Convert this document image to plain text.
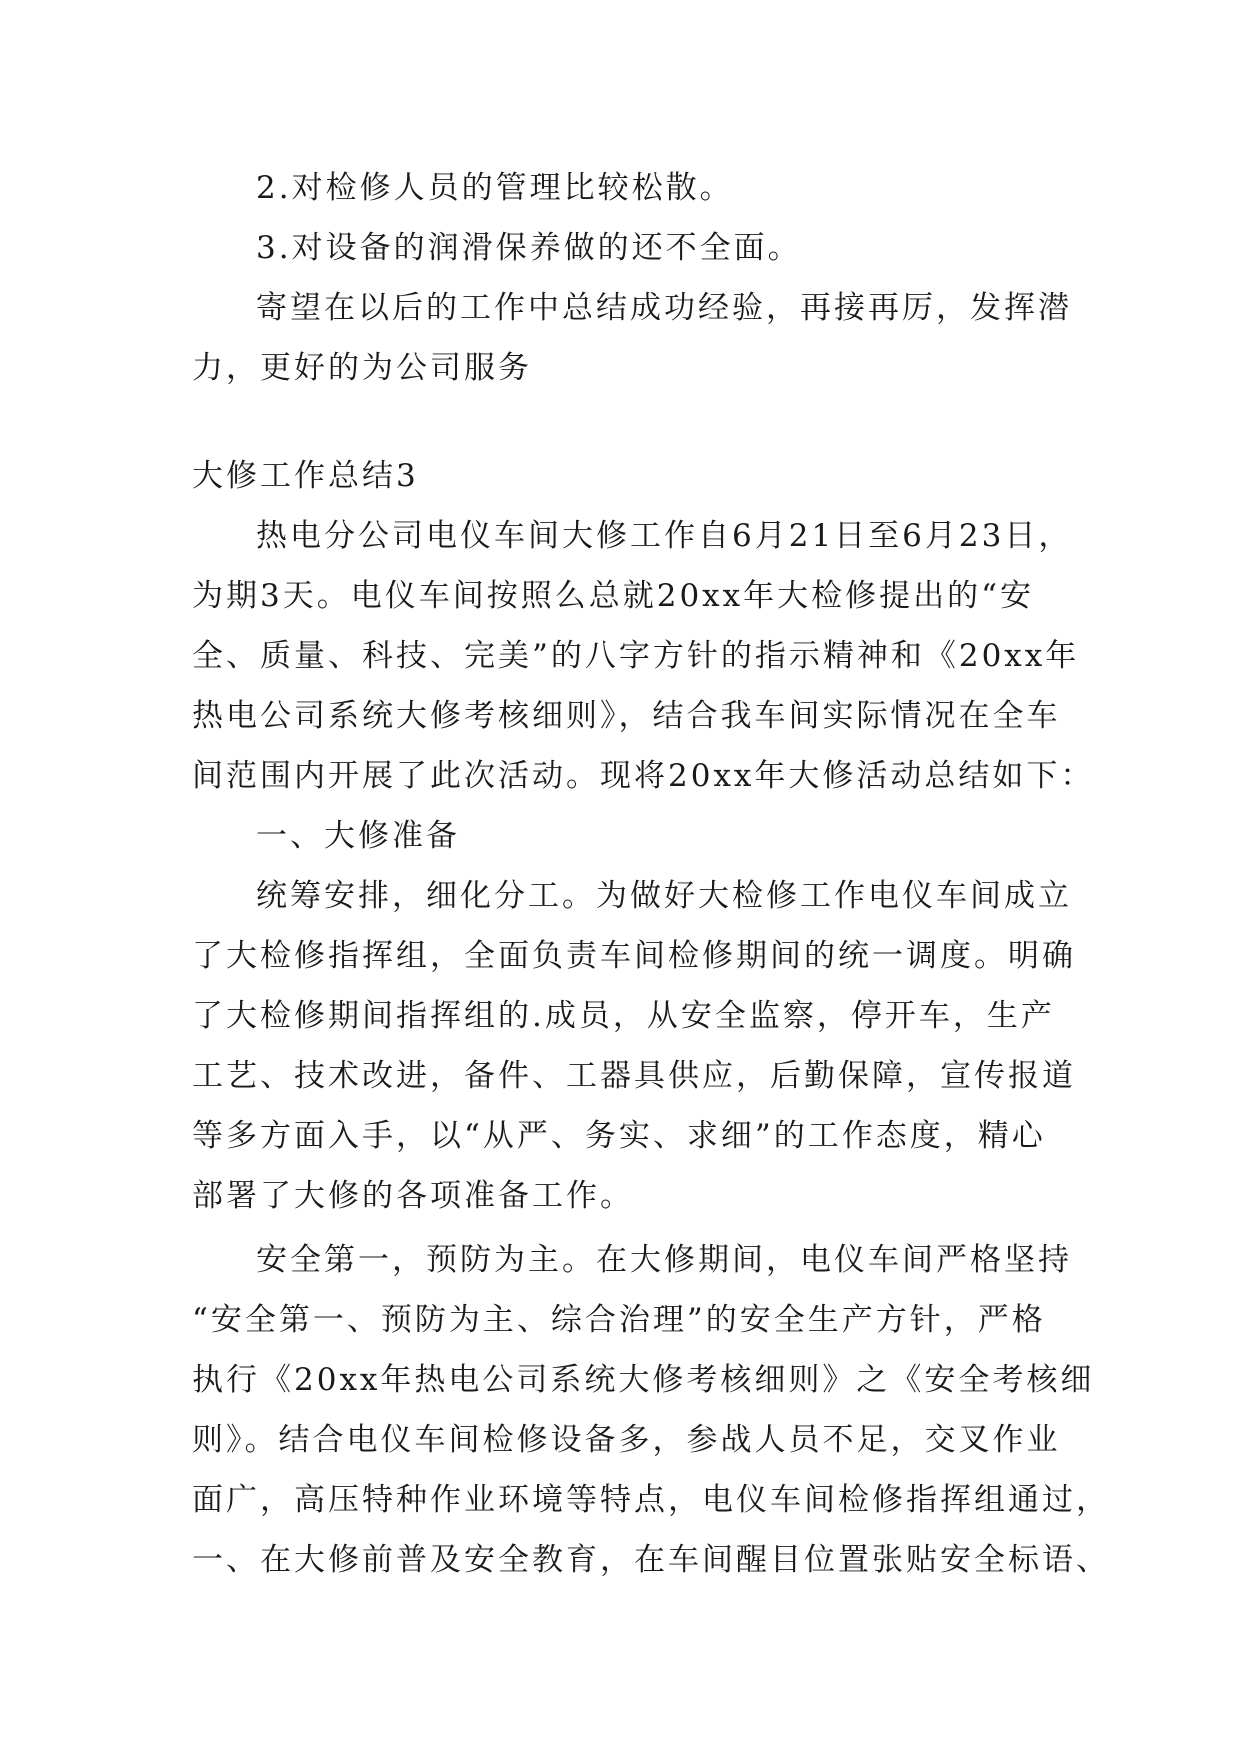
2.对检修人员的管理比较松散。
3.对设备的润滑保养做的还不全面。
寄望在以后的工作中总结成功经验，再接再厉，发挥潜
力，更好的为公司服务
大修工作总结3
热电分公司电仪车间大修工作自6月21日至6月23日，
为期3天。电仪车间按照么总就20xx年大检修提出的“安
全、质量、科技、完美”的八字方针的指示精神和《20xx年
热电公司系统大修考核细则》，结合我车间实际情况在全车
间范围内开展了此次活动。现将20xx年大修活动总结如下：
一、大修准备
统筹安排，细化分工。为做好大检修工作电仪车间成立
了大检修指挥组，全面负责车间检修期间的统一调度。明确
了大检修期间指挥组的.成员，从安全监察，停开车，生产
工艺、技术改进，备件、工器具供应，后勤保障，宣传报道
等多方面入手，以“从严、务实、求细”的工作态度，精心
部署了大修的各项准备工作。
安全第一，预防为主。在大修期间，电仪车间严格坚持
“安全第一、预防为主、综合治理”的安全生产方针，严格
执行《20xx年热电公司系统大修考核细则》之《安全考核细
则》。结合电仪车间检修设备多，参战人员不足，交叉作业
面广，高压特种作业环境等特点，电仪车间检修指挥组通过，
一、在大修前普及安全教育，在车间醒目位置张贴安全标语、
